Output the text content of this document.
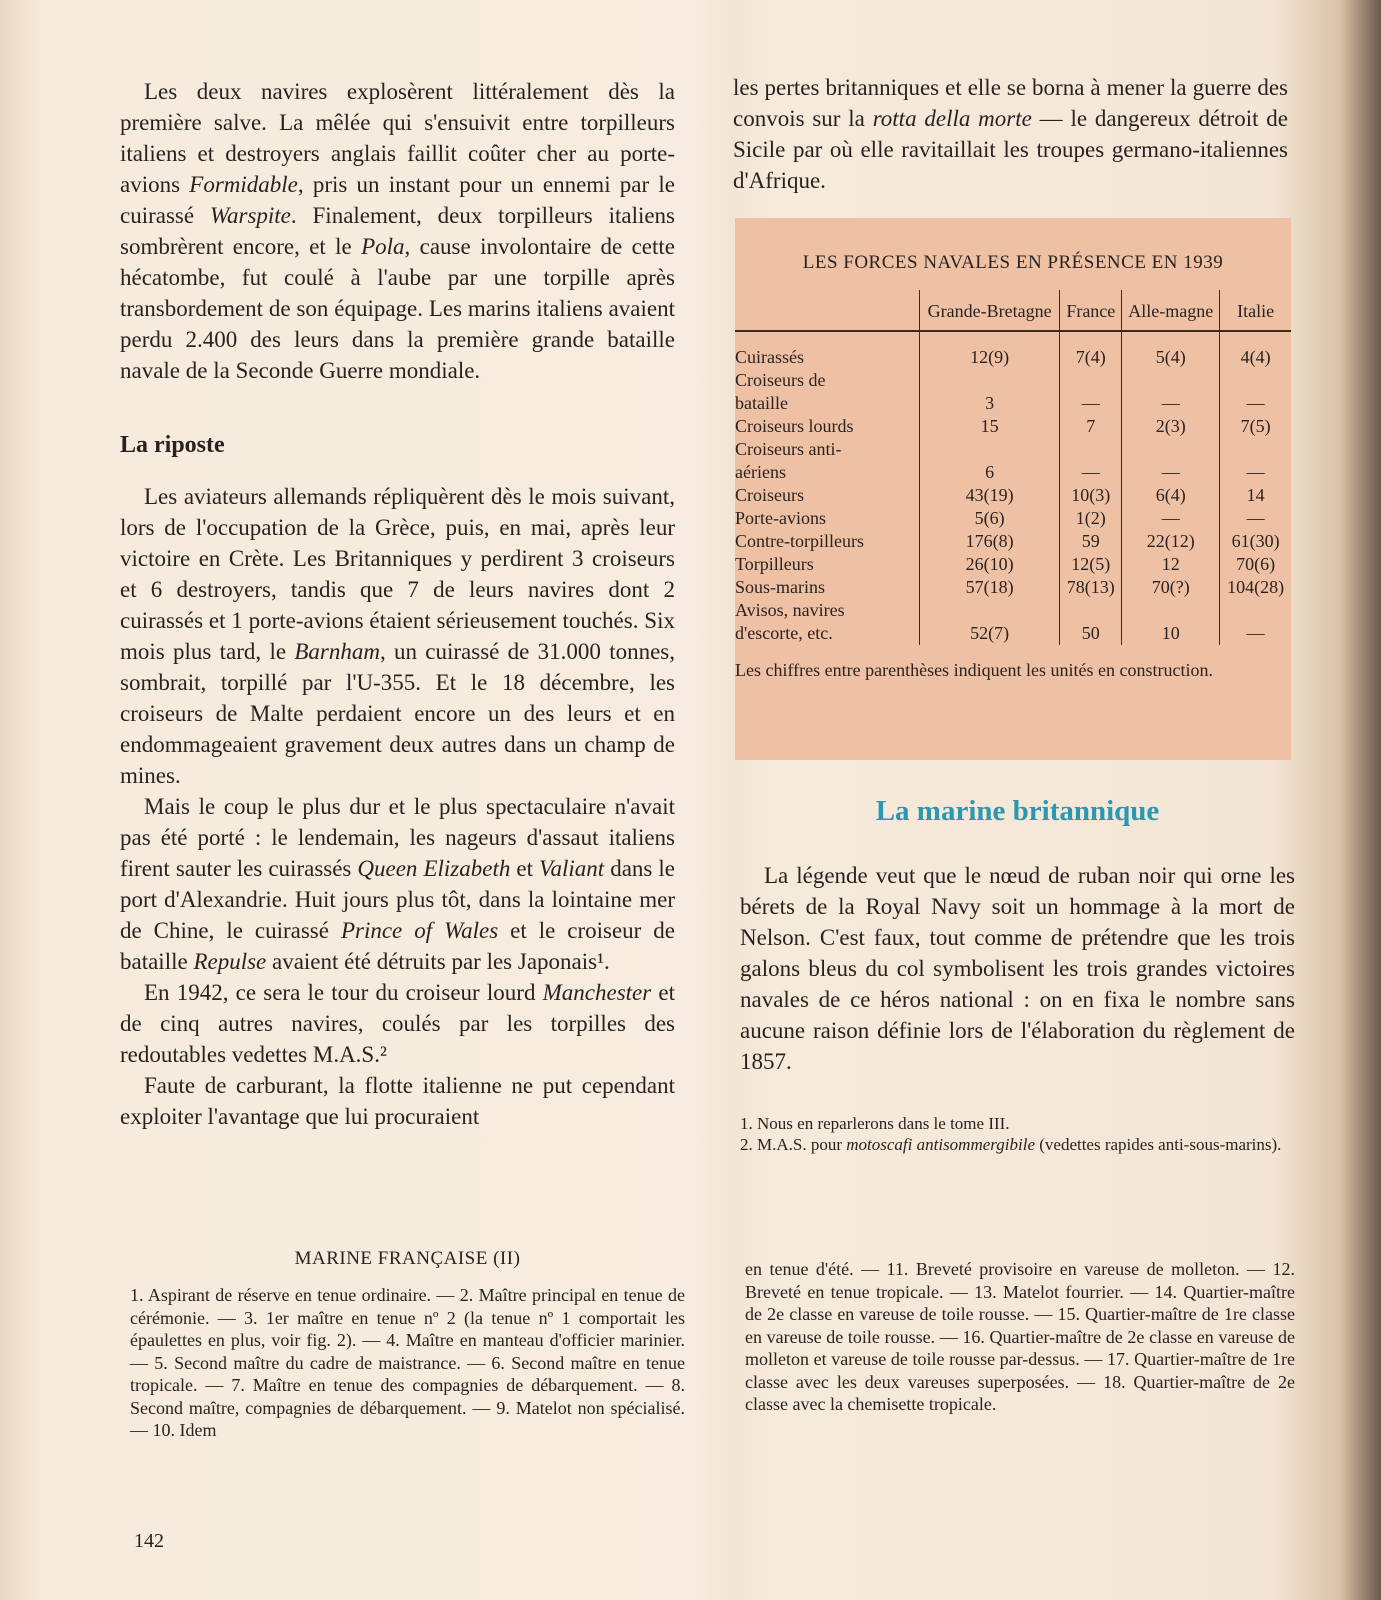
Les deux navires explosèrent littéralement dès la première salve. La mêlée qui s'ensuivit entre torpilleurs italiens et destroyers anglais faillit coûter cher au porte-avions Formidable, pris un instant pour un ennemi par le cuirassé Warspite. Finalement, deux torpilleurs italiens sombrèrent encore, et le Pola, cause involontaire de cette hécatombe, fut coulé à l'aube par une torpille après transbordement de son équipage. Les marins italiens avaient perdu 2.400 des leurs dans la première grande bataille navale de la Seconde Guerre mondiale.

La riposte

Les aviateurs allemands répliquèrent dès le mois suivant, lors de l'occupation de la Grèce, puis, en mai, après leur victoire en Crète. Les Britanniques y perdirent 3 croiseurs et 6 destroyers, tandis que 7 de leurs navires dont 2 cuirassés et 1 porte-avions étaient sérieusement touchés. Six mois plus tard, le Barnham, un cuirassé de 31.000 tonnes, sombrait, torpillé par l'U-355. Et le 18 décembre, les croiseurs de Malte perdaient encore un des leurs et en endommageaient gravement deux autres dans un champ de mines.

Mais le coup le plus dur et le plus spectaculaire n'avait pas été porté : le lendemain, les nageurs d'assaut italiens firent sauter les cuirassés Queen Elizabeth et Valiant dans le port d'Alexandrie. Huit jours plus tôt, dans la lointaine mer de Chine, le cuirassé Prince of Wales et le croiseur de bataille Repulse avaient été détruits par les Japonais¹.

En 1942, ce sera le tour du croiseur lourd Manchester et de cinq autres navires, coulés par les torpilles des redoutables vedettes M.A.S.²

Faute de carburant, la flotte italienne ne put cependant exploiter l'avantage que lui procuraient

les pertes britanniques et elle se borna à mener la guerre des convois sur la rotta della morte — le dangereux détroit de Sicile par où elle ravitaillait les troupes germano-italiennes d'Afrique.

LES FORCES NAVALES EN PRÉSENCE EN 1939
	Grande-Bretagne	France	Alle-magne	Italie
Cuirassés	12(9)	7(4)	5(4)	4(4)
Croiseurs de bataille	3	—	—	—
Croiseurs lourds	15	7	2(3)	7(5)
Croiseurs anti-aériens	6	—	—	—
Croiseurs	43(19)	10(3)	6(4)	14
Porte-avions	5(6)	1(2)	—	—
Contre-torpilleurs	176(8)	59	22(12)	61(30)
Torpilleurs	26(10)	12(5)	12	70(6)
Sous-marins	57(18)	78(13)	70(?)	104(28)
Avisos, navires d'escorte, etc.	52(7)	50	10	—
Les chiffres entre parenthèses indiquent les unités en construction.
La marine britannique

La légende veut que le nœud de ruban noir qui orne les bérets de la Royal Navy soit un hommage à la mort de Nelson. C'est faux, tout comme de prétendre que les trois galons bleus du col symbolisent les trois grandes victoires navales de ce héros national : on en fixa le nombre sans aucune raison définie lors de l'élaboration du règlement de 1857.

1. Nous en reparlerons dans le tome III.
2. M.A.S. pour motoscafi antisommergibile (vedettes rapides anti-sous-marins).
MARINE FRANÇAISE (II)
1. Aspirant de réserve en tenue ordinaire. — 2. Maître principal en tenue de cérémonie. — 3. 1er maître en tenue nº 2 (la tenue nº 1 comportait les épaulettes en plus, voir fig. 2). — 4. Maître en manteau d'officier marinier. — 5. Second maître du cadre de maistrance. — 6. Second maître en tenue tropicale. — 7. Maître en tenue des compagnies de débarquement. — 8. Second maître, compagnies de débarquement. — 9. Matelot non spécialisé. — 10. Idem
en tenue d'été. — 11. Breveté provisoire en vareuse de molleton. — 12. Breveté en tenue tropicale. — 13. Matelot fourrier. — 14. Quartier-maître de 2e classe en vareuse de toile rousse. — 15. Quartier-maître de 1re classe en vareuse de toile rousse. — 16. Quartier-maître de 2e classe en vareuse de molleton et vareuse de toile rousse par-dessus. — 17. Quartier-maître de 1re classe avec les deux vareuses superposées. — 18. Quartier-maître de 2e classe avec la chemisette tropicale.
142
